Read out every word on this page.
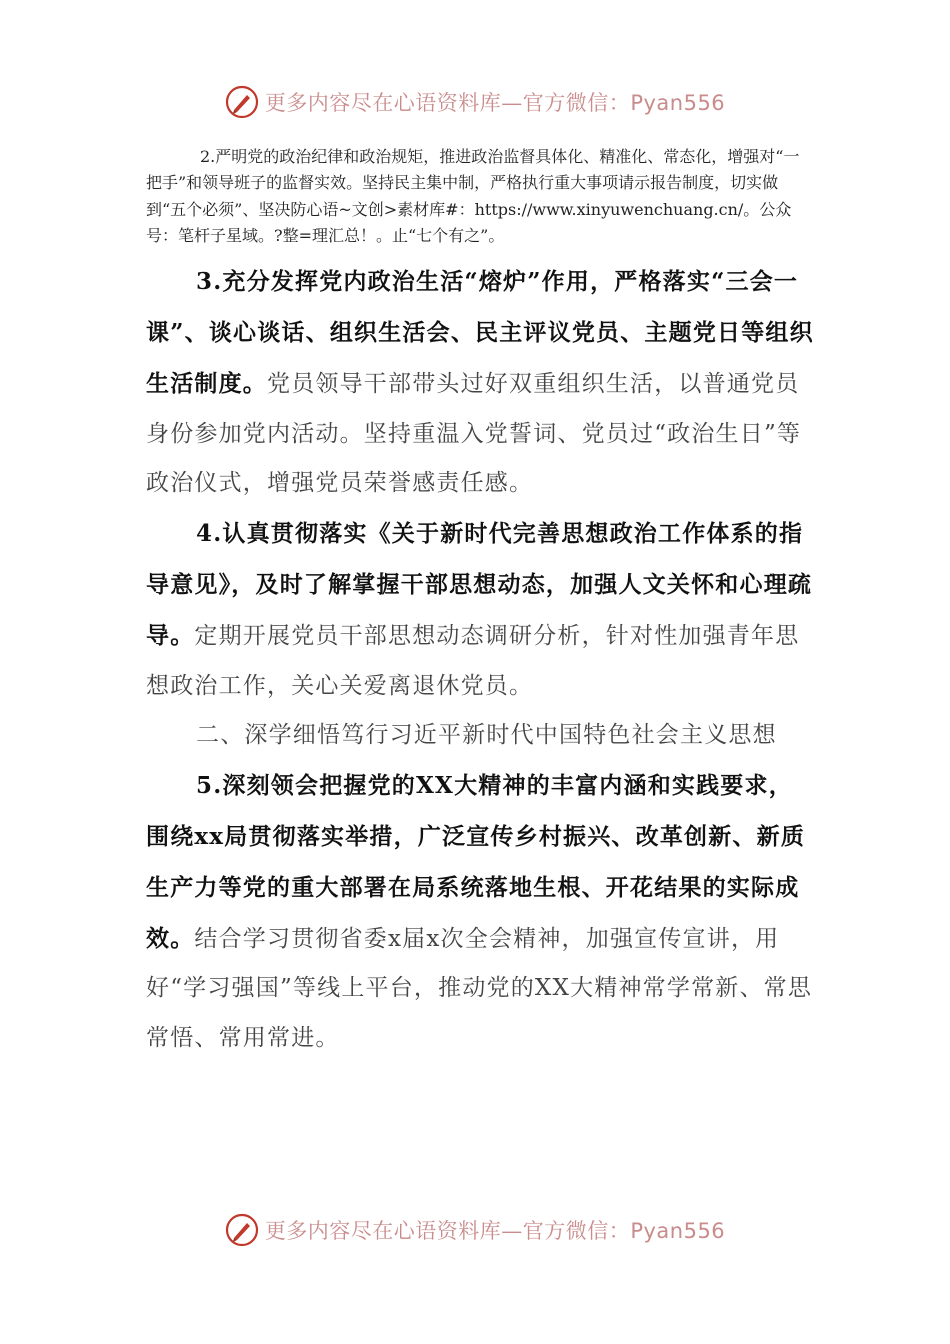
更多内容尽在心语资料库—官方微信：Pyan556

2.严明党的政治纪律和政治规矩，推进政治监督具体化、精准化、常态化，增强对“一把手”和领导班子的监督实效。坚持民主集中制，严格执行重大事项请示报告制度，切实做到“五个必须”、坚决防心语~文创>素材库#：https://www.xinyuwenchuang.cn/。公众号：笔杆子星域。?整=理汇总！。止“七个有之”。

3.充分发挥党内政治生活“熔炉”作用，严格落实“三会一课”、谈心谈话、组织生活会、民主评议党员、主题党日等组织生活制度。党员领导干部带头过好双重组织生活，以普通党员身份参加党内活动。坚持重温入党誓词、党员过“政治生日”等政治仪式，增强党员荣誉感责任感。

4.认真贯彻落实《关于新时代完善思想政治工作体系的指导意见》，及时了解掌握干部思想动态，加强人文关怀和心理疏导。定期开展党员干部思想动态调研分析，针对性加强青年思想政治工作，关心关爱离退休党员。

二、深学细悟笃行习近平新时代中国特色社会主义思想

5.深刻领会把握党的XX大精神的丰富内涵和实践要求，围绕xx局贯彻落实举措，广泛宣传乡村振兴、改革创新、新质生产力等党的重大部署在局系统落地生根、开花结果的实际成效。结合学习贯彻省委x届x次全会精神，加强宣传宣讲，用好“学习强国”等线上平台，推动党的XX大精神常学常新、常思常悟、常用常进。

更多内容尽在心语资料库—官方微信：Pyan556
